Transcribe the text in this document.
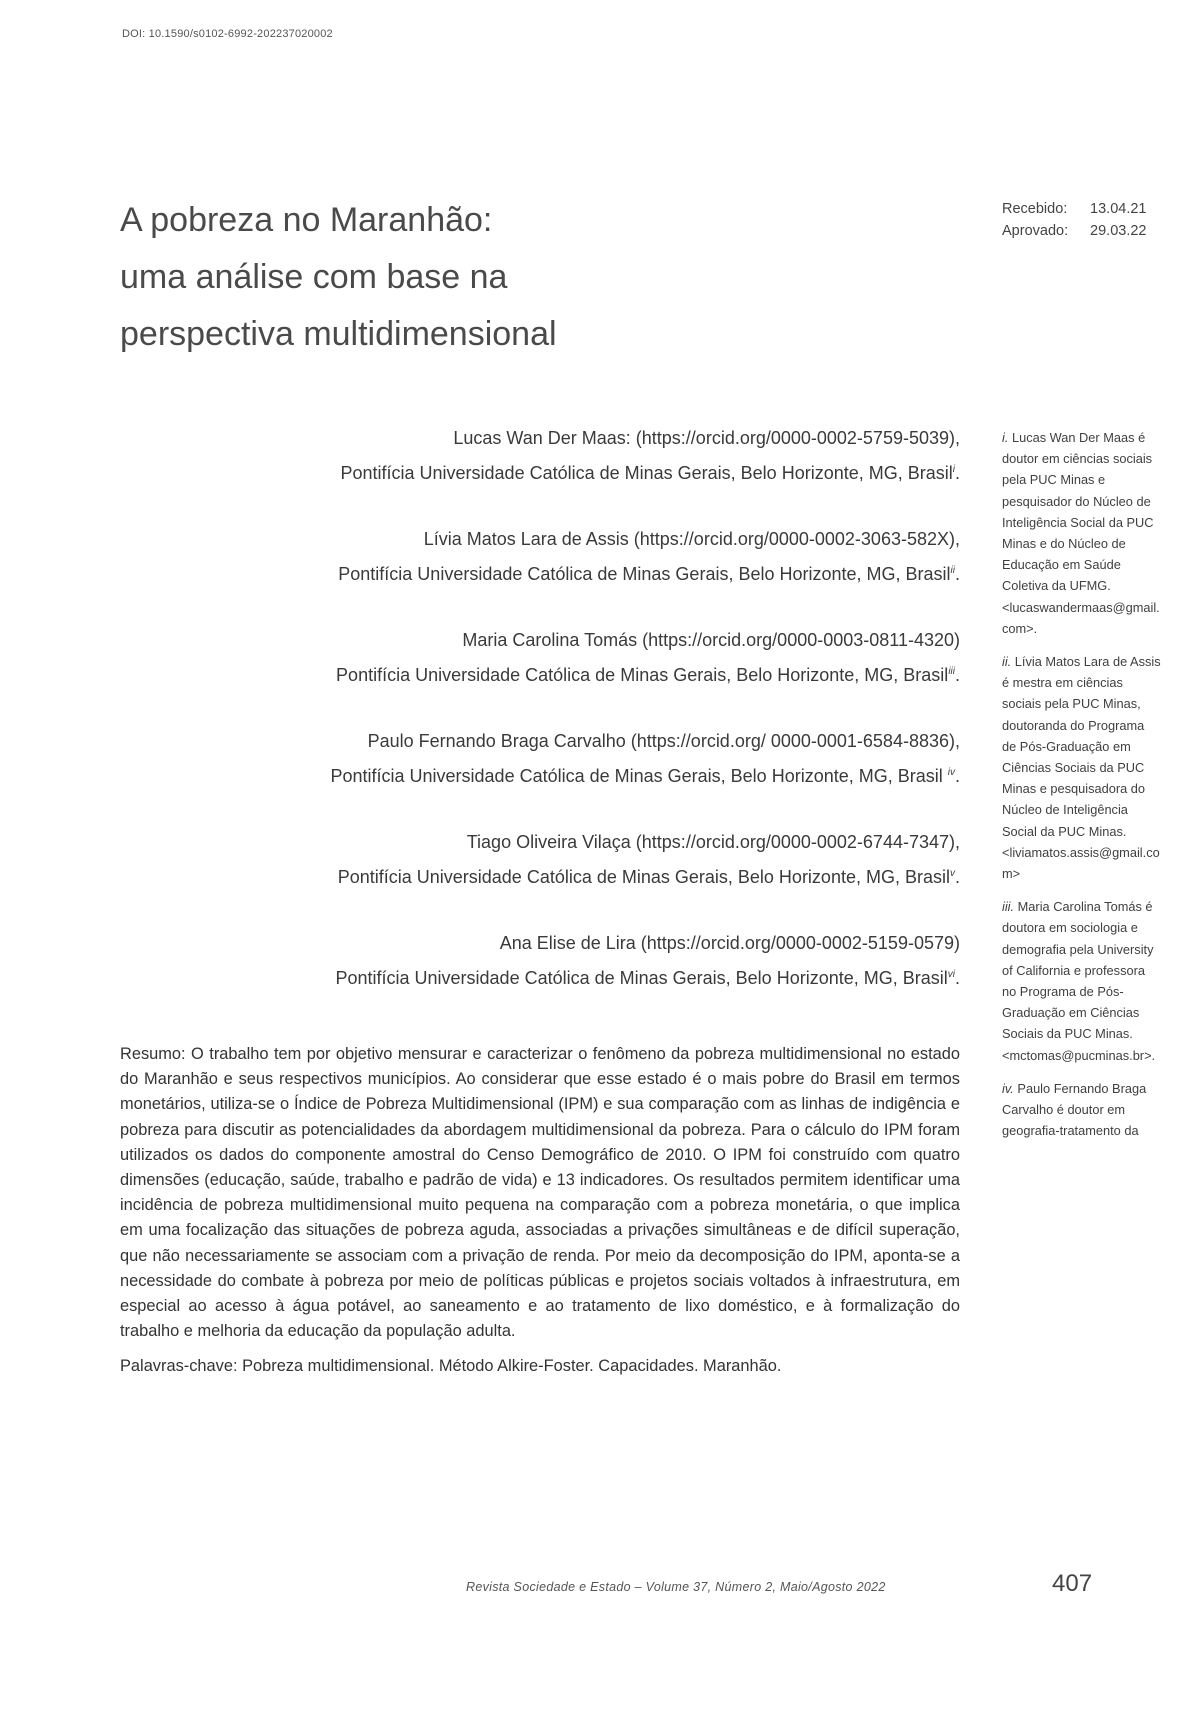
DOI: 10.1590/s0102-6992-202237020002
A pobreza no Maranhão:
uma análise com base na
perspectiva multidimensional
Recebido: 13.04.21
Aprovado: 29.03.22
Lucas Wan Der Maas: (https://orcid.org/0000-0002-5759-5039),
Pontifícia Universidade Católica de Minas Gerais, Belo Horizonte, MG, Brasil$^i$.
Lívia Matos Lara de Assis (https://orcid.org/0000-0002-3063-582X),
Pontifícia Universidade Católica de Minas Gerais, Belo Horizonte, MG, Brasil$^{ii}$.
Maria Carolina Tomás (https://orcid.org/0000-0003-0811-4320)
Pontifícia Universidade Católica de Minas Gerais, Belo Horizonte, MG, Brasil$^{iii}$.
Paulo Fernando Braga Carvalho (https://orcid.org/ 0000-0001-6584-8836),
Pontifícia Universidade Católica de Minas Gerais, Belo Horizonte, MG, Brasil $^{iv}$.
Tiago Oliveira Vilaça (https://orcid.org/0000-0002-6744-7347),
Pontifícia Universidade Católica de Minas Gerais, Belo Horizonte, MG, Brasil$^v$.
Ana Elise de Lira (https://orcid.org/0000-0002-5159-0579)
Pontifícia Universidade Católica de Minas Gerais, Belo Horizonte, MG, Brasil$^{vi}$.

Resumo: O trabalho tem por objetivo mensurar e caracterizar o fenômeno da pobreza multidimensional no estado do Maranhão e seus respectivos municípios. Ao considerar que esse estado é o mais pobre do Brasil em termos monetários, utiliza-se o Índice de Pobreza Multidimensional (IPM) e sua comparação com as linhas de indigência e pobreza para discutir as potencialidades da abordagem multidimensional da pobreza. Para o cálculo do IPM foram utilizados os dados do componente amostral do Censo Demográfico de 2010. O IPM foi construído com quatro dimensões (educação, saúde, trabalho e padrão de vida) e 13 indicadores. Os resultados permitem identificar uma incidência de pobreza multidimensional muito pequena na comparação com a pobreza monetária, o que implica em uma focalização das situações de pobreza aguda, associadas a privações simultâneas e de difícil superação, que não necessariamente se associam com a privação de renda. Por meio da decomposição do IPM, aponta-se a necessidade do combate à pobreza por meio de políticas públicas e projetos sociais voltados à infraestrutura, em especial ao acesso à água potável, ao saneamento e ao tratamento de lixo doméstico, e à formalização do trabalho e melhoria da educação da população adulta.

Palavras-chave: Pobreza multidimensional. Método Alkire-Foster. Capacidades. Maranhão.

i. Lucas Wan Der Maas é doutor em ciências sociais pela PUC Minas e pesquisador do Núcleo de Inteligência Social da PUC Minas e do Núcleo de Educação em Saúde Coletiva da UFMG. <lucaswandermaas@gmail.com>.
ii. Lívia Matos Lara de Assis é mestra em ciências sociais pela PUC Minas, doutoranda do Programa de Pós-Graduação em Ciências Sociais da PUC Minas e pesquisadora do Núcleo de Inteligência Social da PUC Minas. <liviamatos.assis@gmail.com>
iii. Maria Carolina Tomás é doutora em sociologia e demografia pela University of California e professora no Programa de Pós-Graduação em Ciências Sociais da PUC Minas. <mctomas@pucminas.br>.
iv. Paulo Fernando Braga Carvalho é doutor em geografia-tratamento da
Revista Sociedade e Estado – Volume 37, Número 2, Maio/Agosto 2022	407
